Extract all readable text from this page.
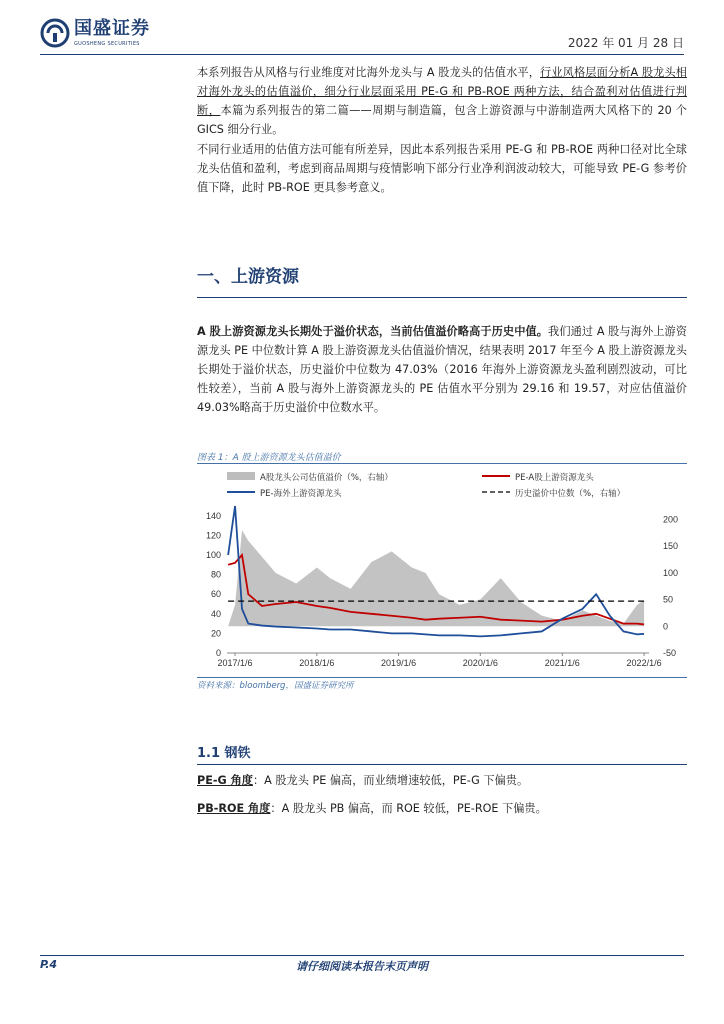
国盛证券
GUOSHENG SECURITIES	2022 年 01 月 28 日

本系列报告从风格与行业维度对比海外龙头与 A 股龙头的估值水平，行业风格层面分析A 股龙头相对海外龙头的估值溢价，细分行业层面采用 PE-G 和 PB-ROE 两种方法，结合盈利对估值进行判断，本篇为系列报告的第二篇——周期与制造篇，包含上游资源与中游制造两大风格下的 20 个 GICS 细分行业。

不同行业适用的估值方法可能有所差异，因此本系列报告采用 PE-G 和 PB-ROE 两种口径对比全球龙头估值和盈利，考虑到商品周期与疫情影响下部分行业净利润波动较大，可能导致 PE-G 参考价值下降，此时 PB-ROE 更具参考意义。

一、上游资源

A 股上游资源龙头长期处于溢价状态，当前估值溢价略高于历史中值。我们通过 A 股与海外上游资源龙头 PE 中位数计算 A 股上游资源龙头估值溢价情况，结果表明 2017 年至今 A 股上游资源龙头长期处于溢价状态，历史溢价中位数为 47.03%（2016 年海外上游资源龙头盈利剧烈波动，可比性较差），当前 A 股与海外上游资源龙头的 PE 估值水平分别为 29.16 和 19.57，对应估值溢价 49.03%略高于历史溢价中位数水平。

图表 1：A 股上游资源龙头估值溢价
A股龙头公司估值溢价（%，右轴）	PE-A股上游资源龙头
PE-海外上游资源龙头	历史溢价中位数（%，右轴）
0
20
40
60
80
100
120
140
-50
0
50
100
150
200
2017/1/6	2018/1/6	2019/1/6	2020/1/6	2021/1/6	2022/1/6
资料来源：bloomberg，国盛证券研究所
1.1 钢铁
PE-G 角度：A 股龙头 PE 偏高，而业绩增速较低，PE-G 下偏贵。
PB-ROE 角度：A 股龙头 PB 偏高，而 ROE 较低，PE-ROE 下偏贵。
P.4	请仔细阅读本报告末页声明
